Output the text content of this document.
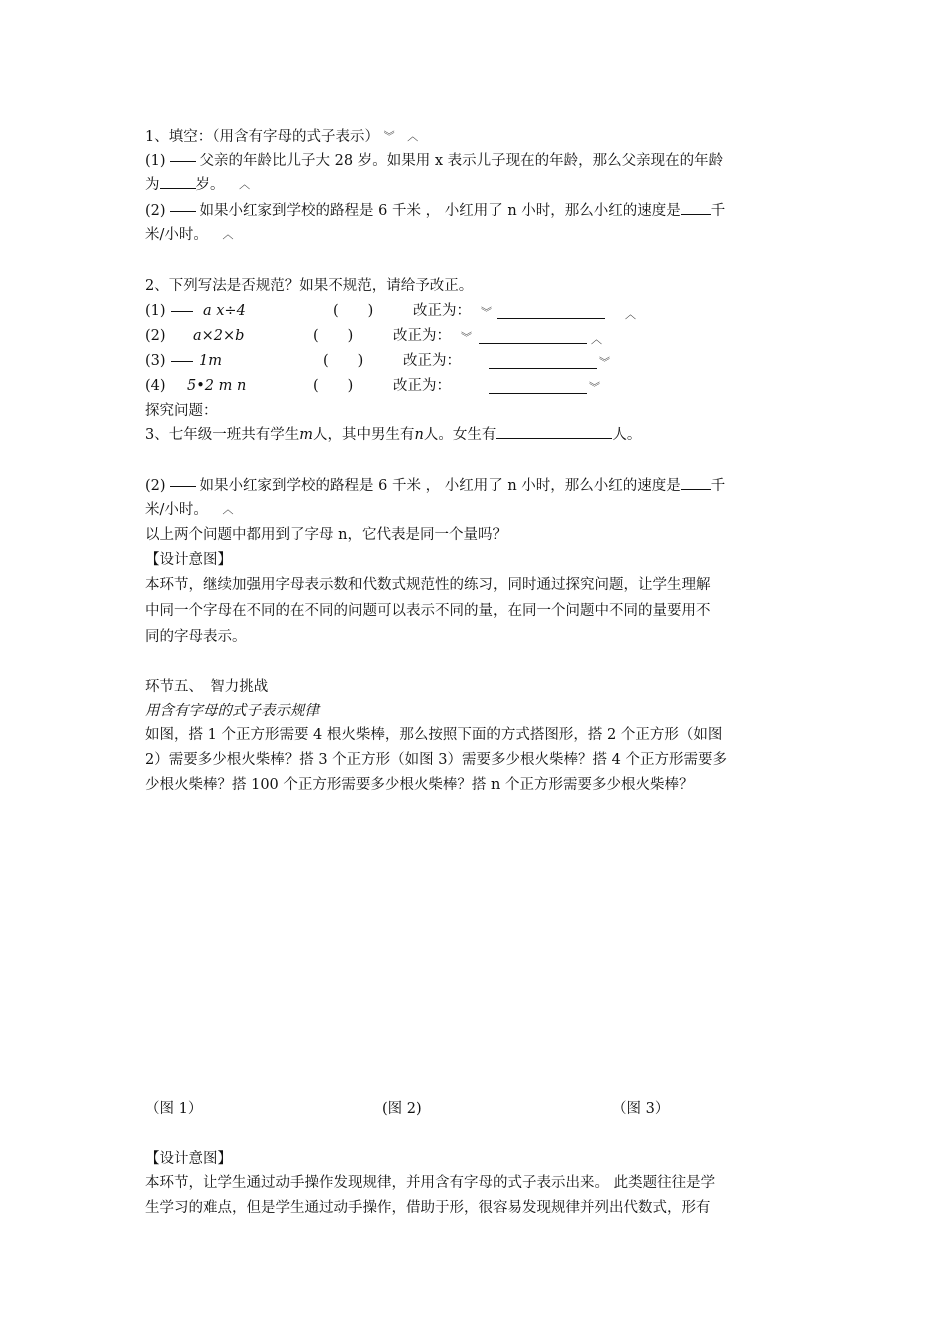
1、填空：（用含有字母的式子表示） ︾ ︿
(1) 父亲的年龄比儿子大 28 岁。如果用 x 表示儿子现在的年龄，那么父亲现在的年龄
为 岁。 ︿
(2) 如果小红家到学校的路程是 6 千米 ， 小红用了 n 小时，那么小红的速度是 千
米/小时。 ︿
2、下列写法是否规范？如果不规范，请给予改正。
(1)	a x÷4	(　　)	改正为： ︾	︿
(2) a×2×b	(　　)	改正为： ︾	︿
(3) 1m	(　　)	改正为：	︾
(4) 5•2 m n	(　　)	改正为：	︾
探究问题：
3、七年级一班共有学生m人，其中男生有n人。女生有	人。
(2) 如果小红家到学校的路程是 6 千米 ， 小红用了 n 小时，那么小红的速度是 千
米/小时。 ︿
以上两个问题中都用到了字母 n，它代表是同一个量吗？
【设计意图】
本环节，继续加强用字母表示数和代数式规范性的练习，同时通过探究问题，让学生理解
中同一个字母在不同的在不同的问题可以表示不同的量，在同一个问题中不同的量要用不
同的字母表示。
环节五、　智力挑战
用含有字母的式子表示规律
如图，搭 1 个正方形需要 4 根火柴棒，那么按照下面的方式搭图形，搭 2 个正方形（如图
2）需要多少根火柴棒？搭 3 个正方形（如图 3）需要多少根火柴棒？搭 4 个正方形需要多
少根火柴棒？搭 100 个正方形需要多少根火柴棒？搭 n 个正方形需要多少根火柴棒？
（图 1）	(图 2)	（图 3）
【设计意图】
本环节，让学生通过动手操作发现规律，并用含有字母的式子表示出来。 此类题往往是学
生学习的难点，但是学生通过动手操作，借助于形，很容易发现规律并列出代数式，形有
